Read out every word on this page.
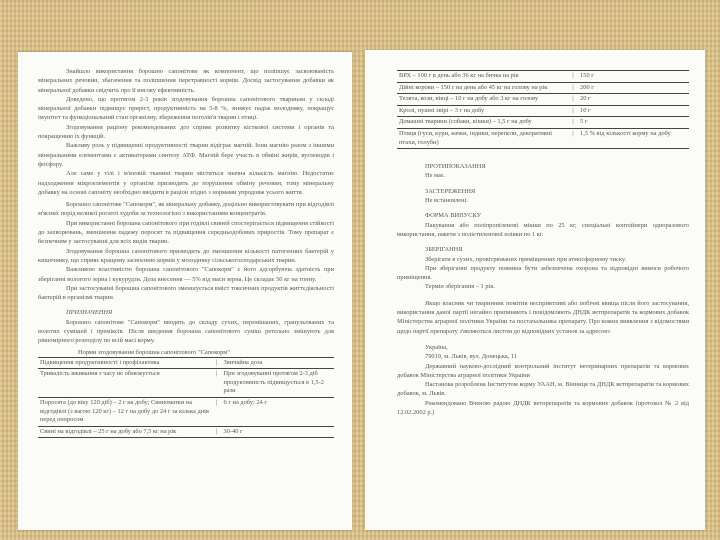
Знайшло використання борошно сапонітове як компонент, що поліпшує засвоюваність мінеральних речовин, збагачення та поліпшення перетравності кормів. Досвід застосування добавки як мінеральної добавки свідчить про її високу ефективність.

Доведено, що протягом 2-3 років згодовування борошна сапонітового тваринам у складі мінеральної добавки підвищує приріст, продуктивність на 5-8 %, знижує падіж молодняку, покращує імунітет та функціональний стан організму, збереження поголів'я тварин і птиці.

Згодовування раціону рекомендованих доз сприяє розвитку кісткової системи і органів та покращенню їх функцій.

Важливу роль у підвищенні продуктивності тварин відіграє магній. Іони магнію разом з іншими мінеральними елементами є активаторами синтезу АТФ. Магній бере участь в обміні жирів, вуглеводів і фосфору.

Але саме у тілі і м'язовій тканині тварин міститься значна кількість магнію. Недостатнє надходження мікроелементів у організм призводить до порушення обміну речовин, тому мінеральну добавку на основі сапоніту необхідно вводити в раціон згідно з нормами упродовж усього життя.

Борошно сапонітове "Сапокорм", як мінеральну добавку, доцільно використовувати при відгодівлі м'ясних порід великої рогатої худоби за технологією з використанням концентратів.

При використанні борошна сапонітового при годівлі свиней спостерігається підвищення стійкості до захворювань, зменшення падежу поросят та підвищення середньодобових приростів. Тому препарат є безпечним у застосуванні для всіх видів тварин.

Згодовування борошна сапонітового призводить до зменшення кількості патогенних бактерій у кишечнику, що сприяє кращому засвоєнню кормів у молодняку сільськогосподарських тварин.

Важливою властивістю борошна сапонітового "Сапокорм" є його адсорбуюча здатність при зберіганні вологого зерна і кукурудзи. Доза внесення — 5% від маси зерна. Це складає 50 кг на тонну.

При застосуванні борошна сапонітового зменшується вміст токсичних продуктів життєдіяльності бактерій в організмі тварин.

ПРИЗНАЧЕННЯ

Борошно сапонітове "Сапокорм" вводять до складу сухих, перемішаних, гранульованих та вологих сумішей і преміксів. Після введення борошна сапонітового суміш ретельно змішують для рівномірного розподілу по всій масі корму.

Норми згодовування борошна сапонітового "Сапокорм"
Підвищення продуктивності і профілактика	|	Звичайна доза
Тривалість вживання з часу не обмежується	|	При згодовуванні протягом 2-3 діб продуктивність підвищується в 1,5-2 рази
Поросята (до віку 120 діб) – 2 г на добу; Свиноматки на відгодівлі (з вагою 120 кг) – 12 г на добу до 24 г за кілька днів перед опоросом	|	6 г на добу; 24 г
Свині на відгодівлі – 25 г на добу або 7,5 кг на рік	|	30-40 г
ВРХ – 100 г в день або 36 кг на бичка на рік	|	150 г
Дійні корови – 150 г на день або 45 кг на голову на рік	|	200 г
Телята, кози, вівці – 10 г на добу або 3 кг на голову	|	20 г
Кролі, пушні звірі – 3 г на добу	|	10 г
Домашні тварини (собаки, кішки) – 1,5 г на добу	|	5 г
Птиця (гуси, кури, качки, індики, перепели, декоративні птахи, голуби)	|	1,5 % від кількості корму на добу
ПРОТИПОКАЗАННЯ

Не має.

ЗАСТЕРЕЖЕННЯ

Не встановлені.

ФОРМА ВИПУСКУ

Пакування або поліпропіленові мішки по 25 кг, спеціальні контейнери одноразового використання, пакети з поліетиленової плівки по 1 кг.

ЗБЕРІГАННЯ

Зберігати в сухих, провітрюваних приміщеннях при атмосферному тиску.

При зберіганні продукту повинна бути забезпечена охорона та відповідні вимоги робочого приміщення.

Термін зберігання – 1 рік.

Якщо власник чи тваринник помітив несприятливі або побічні явища після його застосування, використання даної партії негайно припиняють і повідомляють ДНДК ветпрепаратів та кормових добавок Міністерства аграрної політики України та постачальника препарату. Про кожне виявлення з відомостями щодо партії препарату з'являються листом до відповідних установ за адресою:

Україна,

79019, м. Львів, вул. Донецька, 11

Державний науково-дослідний контрольний інститут ветеринарних препаратів та кормових добавок Міністерства аграрної політики України

Настанова розроблена Інститутом корму УААН, м. Вінниця та ДНДК ветпрепаратів та кормових добавок, м. Львів.

Рекомендовано Вченою радою ДНДК ветпрепаратів та кормових добавок (протокол № 2 від 12.02.2002 р.)
